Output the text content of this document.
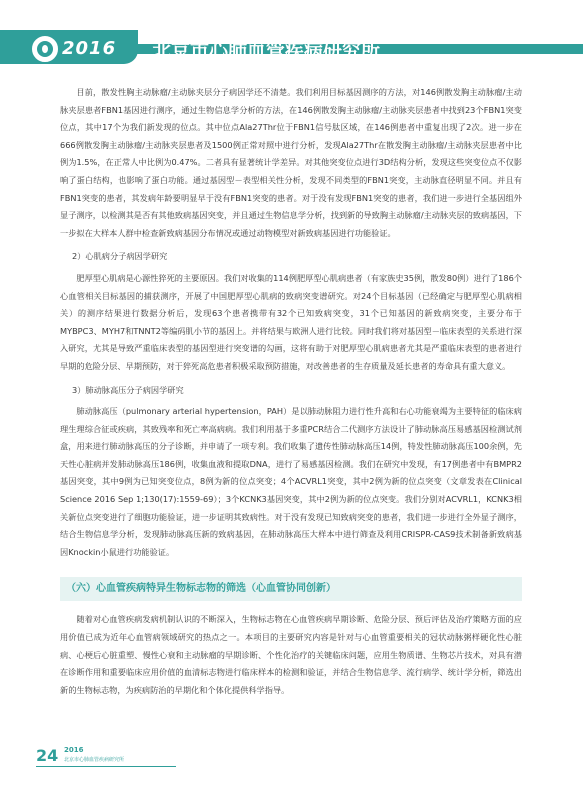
2016 北京市心肺血管疾病研究所

目前，散发性胸主动脉瘤/主动脉夹层分子病因学还不清楚。我们利用目标基因测序的方法，对146例散发胸主动脉瘤/主动脉夹层患者FBN1基因进行测序，通过生物信息学分析的方法，在146例散发胸主动脉瘤/主动脉夹层患者中找到23个FBN1突变位点，其中17个为我们新发现的位点。其中位点Ala27Thr位于FBN1信号肽区域，在146例患者中重复出现了2次。进一步在666例散发胸主动脉瘤/主动脉夹层患者及1500例正常对照中进行分析，发现Ala27Thr在散发胸主动脉瘤/主动脉夹层患者中比例为1.5%，在正常人中比例为0.47%。二者具有显著统计学差异。对其他突变位点进行3D结构分析，发现这些突变位点不仅影响了蛋白结构，也影响了蛋白功能。通过基因型－表型相关性分析，发现不同类型的FBN1突变，主动脉直径明显不同。并且有FBN1突变的患者，其发病年龄要明显早于没有FBN1突变的患者。对于没有发现FBN1突变的患者，我们进一步进行全基因组外显子测序，以检测其是否有其他致病基因突变，并且通过生物信息学分析，找到新的导致胸主动脉瘤/主动脉夹层的致病基因，下一步拟在大样本人群中检查新致病基因分布情况或通过动物模型对新致病基因进行功能验证。

2）心肌病分子病因学研究

肥厚型心肌病是心源性猝死的主要原因。我们对收集的114例肥厚型心肌病患者（有家族史35例，散发80例）进行了186个心血管相关目标基因的捕获测序，开展了中国肥厚型心肌病的致病突变谱研究。对24个目标基因（已经确定与肥厚型心肌病相关）的测序结果进行数据分析后，发现63个患者携带有32个已知致病突变，31个已知基因的新致病突变，主要分布于MYBPC3、MYH7和TNNT2等编码肌小节的基因上。并将结果与欧洲人进行比较。同时我们将对基因型－临床表型的关系进行深入研究，尤其是导致严重临床表型的基因型进行突变谱的勾画，这将有助于对肥厚型心肌病患者尤其是严重临床表型的患者进行早期的危险分层、早期预防，对于猝死高危患者积极采取预防措施，对改善患者的生存质量及延长患者的寿命具有重大意义。

3）肺动脉高压分子病因学研究

肺动脉高压（pulmonary arterial hypertension，PAH）是以肺动脉阻力进行性升高和右心功能衰竭为主要特征的临床病理生理综合征或疾病，其致残率和死亡率高病病。我们利用基于多重PCR结合二代测序方法设计了肺动脉高压易感基因检测试剂盒，用来进行肺动脉高压的分子诊断，并申请了一项专利。我们收集了遗传性肺动脉高压14例，特发性肺动脉高压100余例，先天性心脏病并发肺动脉高压186例，收集血液和提取DNA，进行了易感基因检测。我们在研究中发现，有17例患者中有BMPR2基因突变，其中9例为已知突变位点，8例为新的位点突变；4个ACVRL1突变，其中2例为新的位点突变（文章发表在Clinical Science 2016 Sep 1;130(17):1559-69）；3个KCNK3基因突变，其中2例为新的位点突变。我们分别对ACVRL1，KCNK3相关新位点突变进行了细胞功能验证，进一步证明其致病性。对于没有发现已知致病突变的患者，我们进一步进行全外显子测序，结合生物信息学分析，发现肺动脉高压新的致病基因，在肺动脉高压大样本中进行筛查及利用CRISPR-CAS9技术制备新致病基因Knockin小鼠进行功能验证。

（六）心血管疾病特异生物标志物的筛选（心血管协同创新）

随着对心血管疾病发病机制认识的不断深入，生物标志物在心血管疾病早期诊断、危险分层、预后评估及治疗策略方面的应用价值已成为近年心血管病领域研究的热点之一。本项目的主要研究内容是针对与心血管重要相关的冠状动脉粥样硬化性心脏病、心梗后心脏重塑、慢性心衰和主动脉瘤的早期诊断、个性化治疗的关键临床问题，应用生物质谱、生物芯片技术，对具有潜在诊断作用和重要临床应用价值的血清标志物进行临床样本的检测和验证，并结合生物信息学、流行病学、统计学分析，筛选出新的生物标志物，为疾病防治的早期化和个体化提供科学指导。

24 2016
北京市心肺血管疾病研究所
